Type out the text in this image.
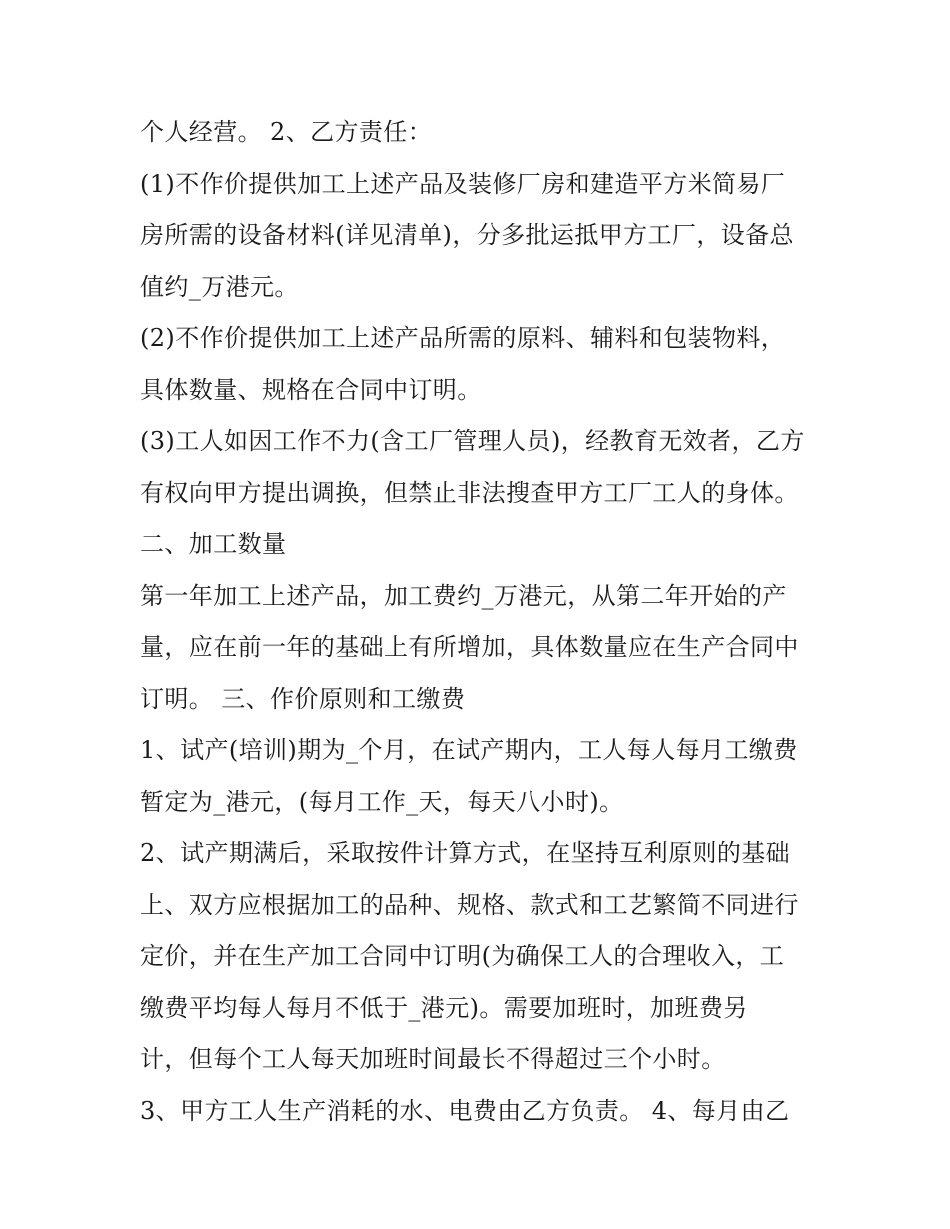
个人经营。 2、乙方责任：
(1)不作价提供加工上述产品及装修厂房和建造平方米简易厂
房所需的设备材料(详见清单)，分多批运抵甲方工厂，设备总
值约_万港元。
(2)不作价提供加工上述产品所需的原料、辅料和包装物料，
具体数量、规格在合同中订明。
(3)工人如因工作不力(含工厂管理人员)，经教育无效者，乙方
有权向甲方提出调换，但禁止非法搜查甲方工厂工人的身体。
二、加工数量
第一年加工上述产品，加工费约_万港元，从第二年开始的产
量，应在前一年的基础上有所增加，具体数量应在生产合同中
订明。 三、作价原则和工缴费
1、试产(培训)期为_个月，在试产期内，工人每人每月工缴费
暂定为_港元，(每月工作_天，每天八小时)。
2、试产期满后，采取按件计算方式，在坚持互利原则的基础
上、双方应根据加工的品种、规格、款式和工艺繁简不同进行
定价，并在生产加工合同中订明(为确保工人的合理收入，工
缴费平均每人每月不低于_港元)。需要加班时，加班费另
计，但每个工人每天加班时间最长不得超过三个小时。
3、甲方工人生产消耗的水、电费由乙方负责。 4、每月由乙
